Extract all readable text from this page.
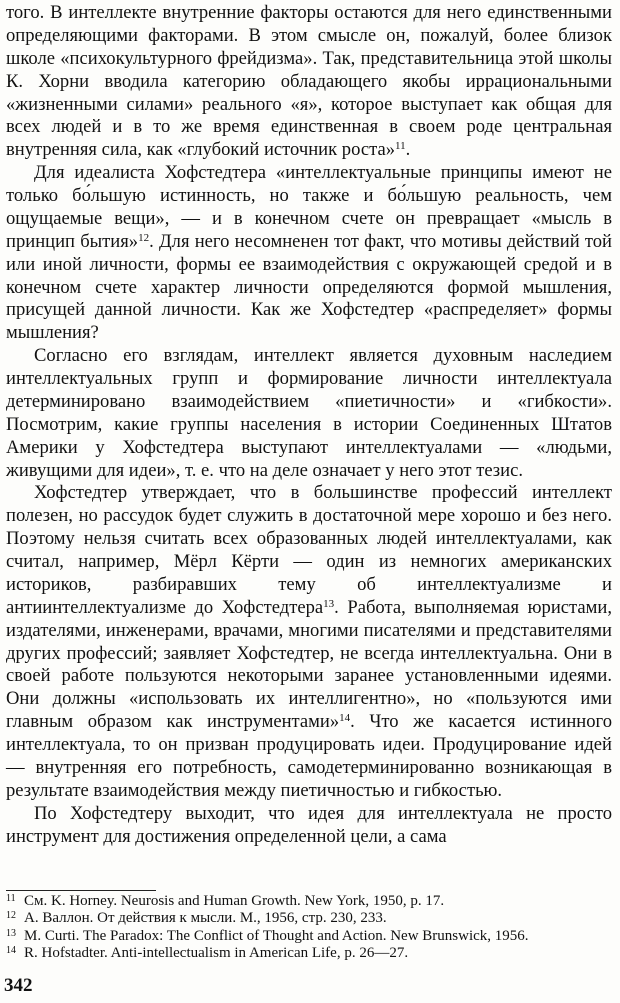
того. В интеллекте внутренние факторы остаются для него единственными определяющими факторами. В этом смысле он, пожалуй, более близок школе «психокультурного фрейдизма». Так, представительница этой школы К. Хорни вводила категорию обладающего якобы иррациональными «жизненными силами» реального «я», которое выступает как общая для всех людей и в то же время единственная в своем роде центральная внутренняя сила, как «глубокий источник роста»$^{11}$.

Для идеалиста Хофстедтера «интеллектуальные принципы имеют не только бо́льшую истинность, но также и бо́льшую реальность, чем ощущаемые вещи», — и в конечном счете он превращает «мысль в принцип бытия»$^{12}$. Для него несомненен тот факт, что мотивы действий той или иной личности, формы ее взаимодействия с окружающей средой и в конечном счете характер личности определяются формой мышления, присущей данной личности. Как же Хофстедтер «распределяет» формы мышления?

Согласно его взглядам, интеллект является духовным наследием интеллектуальных групп и формирование личности интеллектуала детерминировано взаимодействием «пиетичности» и «гибкости». Посмотрим, какие группы населения в истории Соединенных Штатов Америки у Хофстедтера выступают интеллектуалами — «людьми, живущими для идеи», т. е. что на деле означает у него этот тезис.

Хофстедтер утверждает, что в большинстве профессий интеллект полезен, но рассудок будет служить в достаточной мере хорошо и без него. Поэтому нельзя считать всех образованных людей интеллектуалами, как считал, например, Мёрл Кёрти — один из немногих американских историков, разбиравших тему об интеллектуализме и антиинтеллектуализме до Хофстедтера$^{13}$. Работа, выполняемая юристами, издателями, инженерами, врачами, многими писателями и представителями других профессий; заявляет Хофстедтер, не всегда интеллектуальна. Они в своей работе пользуются некоторыми заранее установленными идеями. Они должны «использовать их интеллигентно», но «пользуются ими главным образом как инструментами»$^{14}$. Что же касается истинного интеллектуала, то он призван продуцировать идеи. Продуцирование идей — внутренняя его потребность, самодетерминированно возникающая в результате взаимодействия между пиетичностью и гибкостью.

По Хофстедтеру выходит, что идея для интеллектуала не просто инструмент для достижения определенной цели, а сама

11 См. K. Horney. Neurosis and Human Growth. New York, 1950, p. 17.
12 А. Валлон. От действия к мысли. М., 1956, стр. 230, 233.
13 M. Curti. The Paradox: The Conflict of Thought and Action. New Brunswick, 1956.
14 R. Hofstadter. Anti-intellectualism in American Life, p. 26—27.
342
